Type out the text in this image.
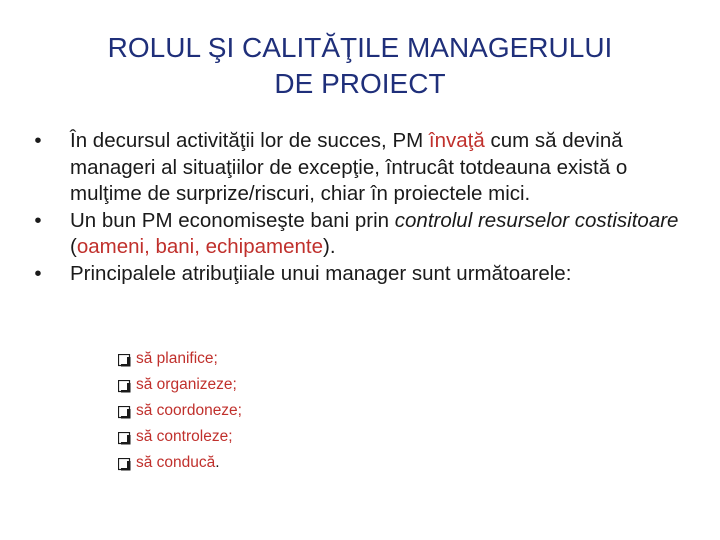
ROLUL ŞI CALITĂŢILE MANAGERULUI
DE PROIECT
•	În decursul activităţii lor de succes, PM învaţă cum să devină manageri al situaţiilor de excepţie, întrucât totdeauna există o mulţime de surprize/riscuri, chiar în proiectele mici.
•	Un bun PM economiseşte bani prin controlul resurselor costisitoare (oameni, bani, echipamente).
•	Principalele atribuţiiale unui manager sunt următoarele:
să planifice;
să organizeze;
să coordoneze;
să controleze;
să conducă.
